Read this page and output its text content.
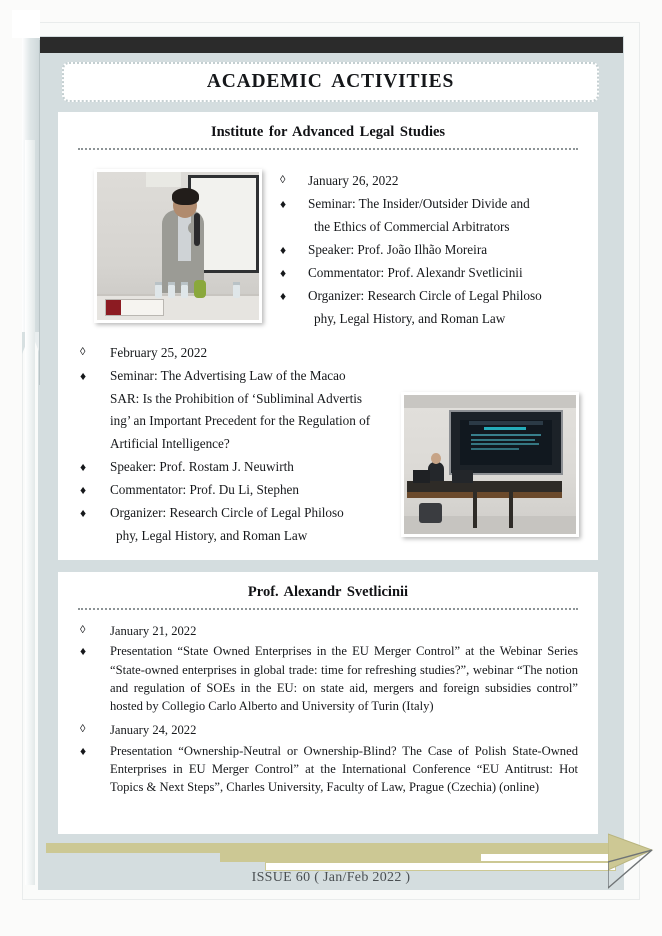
ACADEMIC ACTIVITIES
Institute for Advanced Legal Studies
◊	January 26, 2022
♦	Seminar: The Insider/Outsider Divide and
the Ethics of Commercial Arbitrators
♦	Speaker: Prof. João Ilhão Moreira
♦	Commentator: Prof. Alexandr Svetlicinii
♦	Organizer: Research Circle of Legal Philoso
phy, Legal History, and Roman Law
◊	February 25, 2022
♦	Seminar: The Advertising Law of the Macao
SAR: Is the Prohibition of ‘Subliminal Advertis
ing’ an Important Precedent for the Regulation of
Artificial Intelligence?
♦	Speaker: Prof. Rostam J. Neuwirth
♦	Commentator: Prof. Du Li, Stephen
♦	Organizer: Research Circle of Legal Philoso
phy, Legal History, and Roman Law
Prof. Alexandr Svetlicinii
◊	January 21, 2022
♦	Presentation “State Owned Enterprises in the EU Merger Control” at the Webinar Series “State-owned enterprises in global trade: time for refreshing studies?”, webinar “The notion and regulation of SOEs in the EU: on state aid, mergers and foreign subsidies control” hosted by Collegio Carlo Alberto and University of Turin (Italy)
◊	January 24, 2022
♦	Presentation “Ownership-Neutral or Ownership-Blind? The Case of Polish State-Owned Enterprises in EU Merger Control” at the International Conference “EU Antitrust: Hot Topics & Next Steps”, Charles University, Faculty of Law, Prague (Czechia) (online)
ISSUE 60 ( Jan/Feb 2022 )
